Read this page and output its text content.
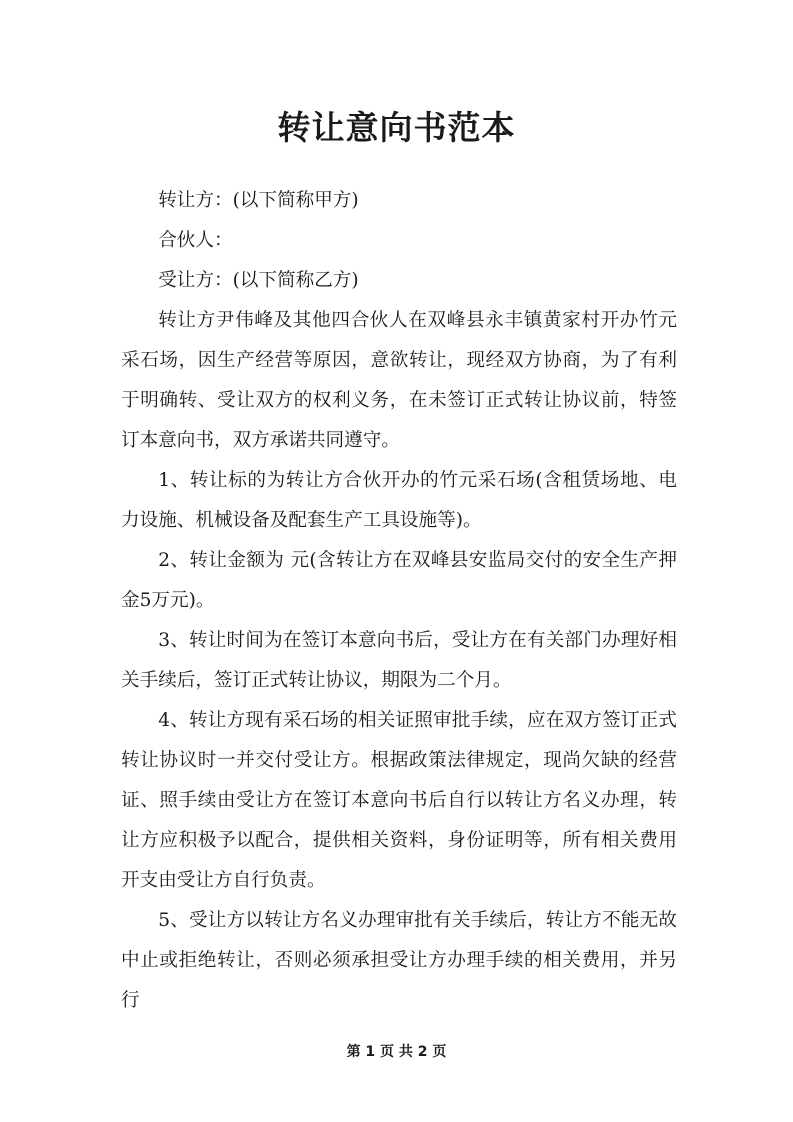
转让意向书范本

转让方：(以下简称甲方)

合伙人：

受让方：(以下简称乙方)

转让方尹伟峰及其他四合伙人在双峰县永丰镇黄家村开办竹元采石场，因生产经营等原因，意欲转让，现经双方协商，为了有利于明确转、受让双方的权利义务，在未签订正式转让协议前，特签订本意向书，双方承诺共同遵守。

1、转让标的为转让方合伙开办的竹元采石场(含租赁场地、电力设施、机械设备及配套生产工具设施等)。

2、转让金额为 元(含转让方在双峰县安监局交付的安全生产押金5万元)。

3、转让时间为在签订本意向书后，受让方在有关部门办理好相关手续后，签订正式转让协议，期限为二个月。

4、转让方现有采石场的相关证照审批手续，应在双方签订正式转让协议时一并交付受让方。根据政策法律规定，现尚欠缺的经营证、照手续由受让方在签订本意向书后自行以转让方名义办理，转让方应积极予以配合，提供相关资料，身份证明等，所有相关费用开支由受让方自行负责。

5、受让方以转让方名义办理审批有关手续后，转让方不能无故中止或拒绝转让，否则必须承担受让方办理手续的相关费用，并另行

第 1 页 共 2 页
